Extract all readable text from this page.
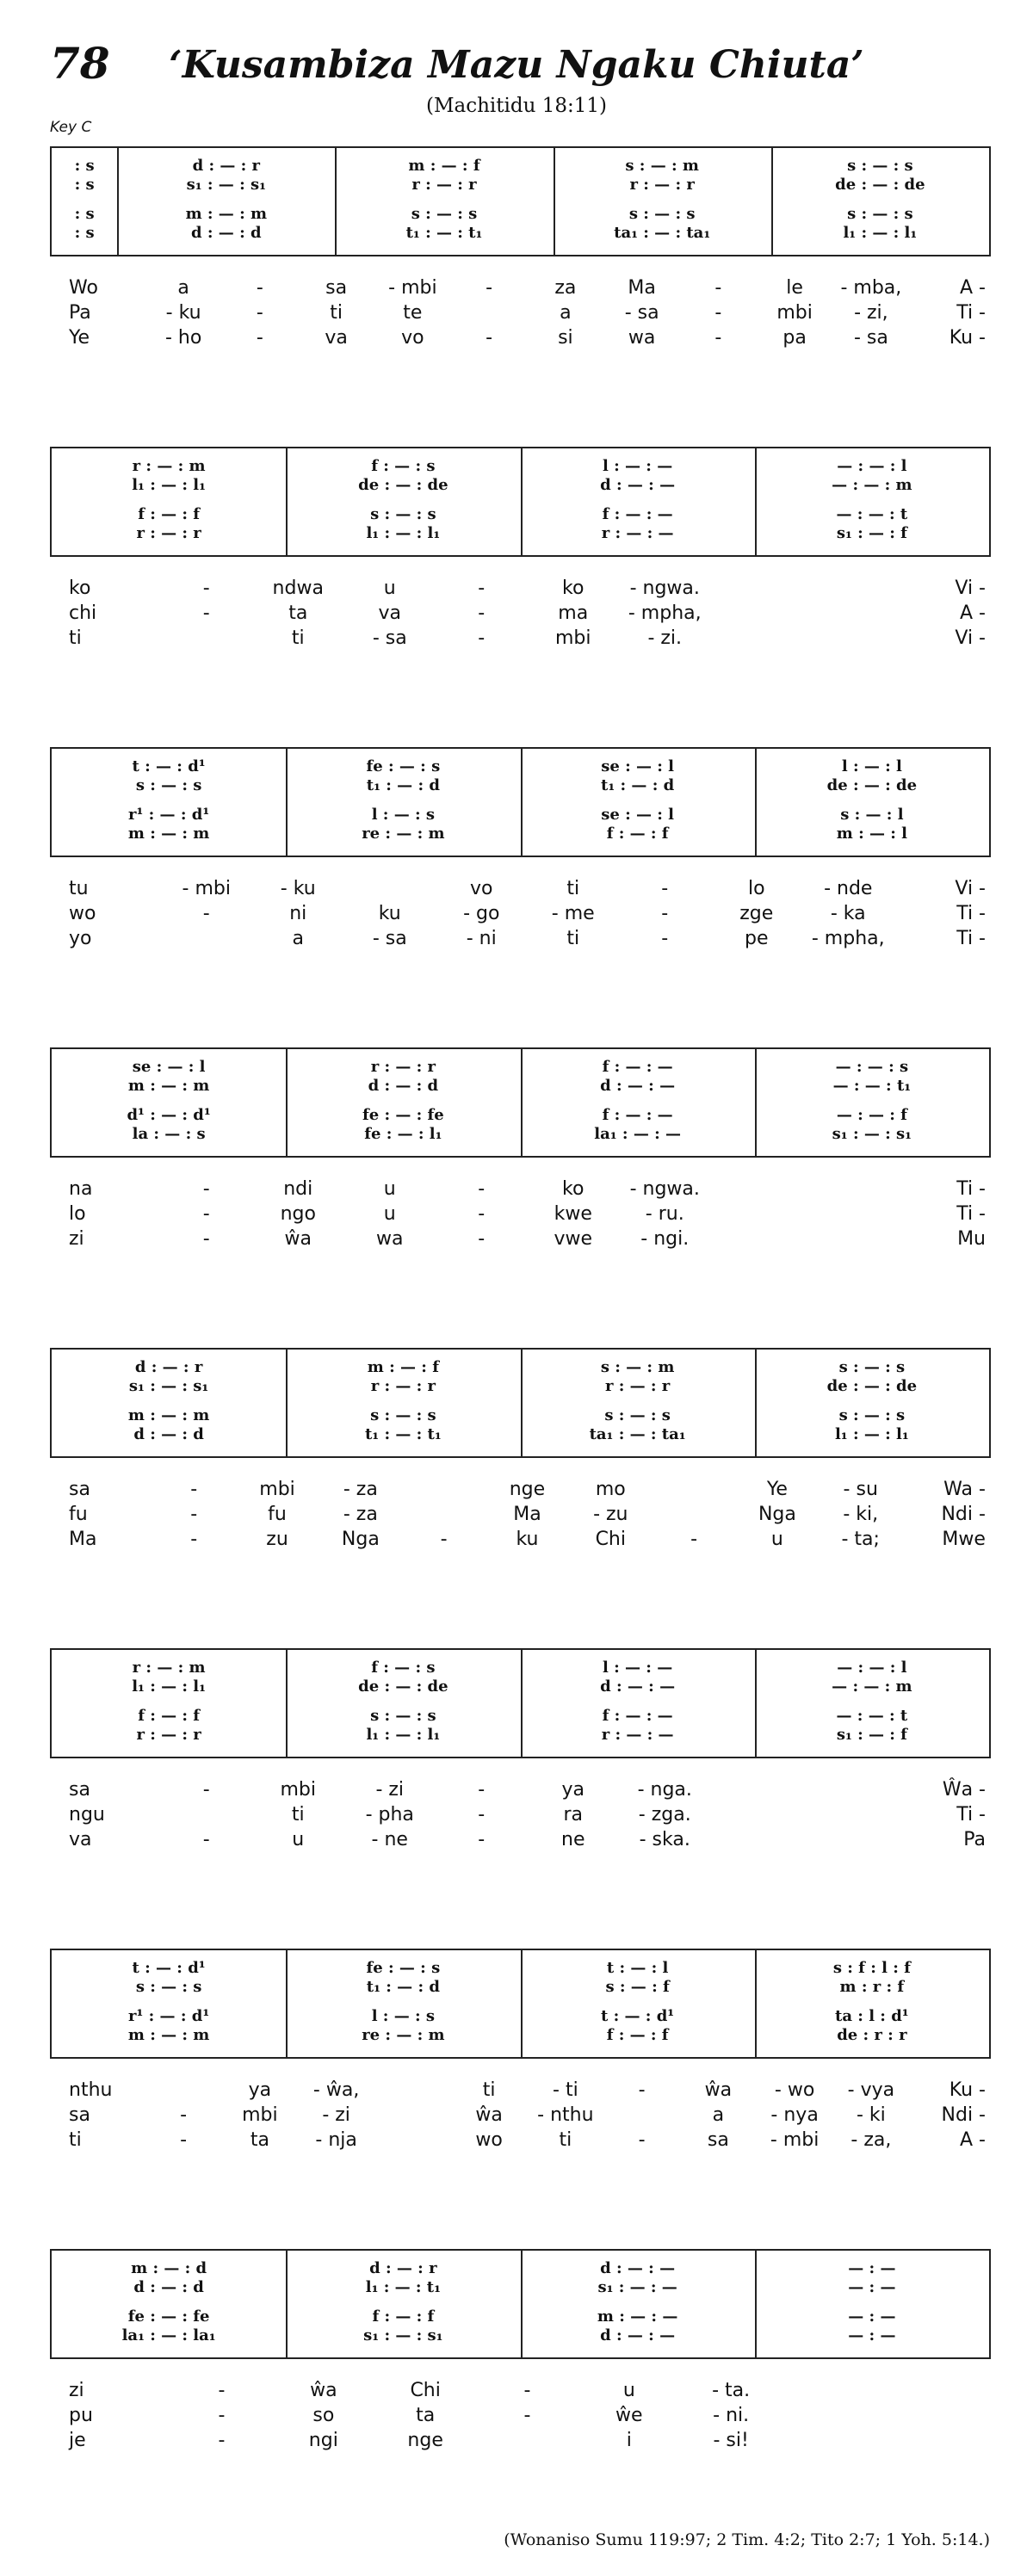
78	‘Kusambiza Mazu Ngaku Chiuta’
(Machitidu 18:11)
Key C
: s	d : — : r	m : — : f	s : — : m	s : — : s
: s	s₁ : — : s₁	r : — : r	r : — : r	de : — : de
: s	m : — : m	s : — : s	s : — : s	s : — : s
: s	d : — : d	t₁ : — : t₁	ta₁ : — : ta₁	l₁ : — : l₁
Wo	a	-	sa	- mbi	-	za	Ma	-	le	- mba,	A -
Pa	- ku	-	ti	te	a	- sa	-	mbi	- zi,	Ti -
Ye	- ho	-	va	vo	-	si	wa	-	pa	- sa	Ku -
r : — : m	f : — : s	l : — : —	— : — : l
l₁ : — : l₁	de : — : de	d : — : —	— : — : m
f : — : f	s : — : s	f : — : —	— : — : t
r : — : r	l₁ : — : l₁	r : — : —	s₁ : — : f
ko	-	ndwa	u	-	ko	- ngwa.	Vi -
chi	-	ta	va	-	ma	- mpha,	A -
ti	ti	- sa	-	mbi	- zi.	Vi -
t : — : d¹	fe : — : s	se : — : l	l : — : l
s : — : s	t₁ : — : d	t₁ : — : d	de : — : de
r¹ : — : d¹	l : — : s	se : — : l	s : — : l
m : — : m	re : — : m	f : — : f	m : — : l
tu	- mbi	- ku	vo	ti	-	lo	- nde	Vi -
wo	-	ni	ku	- go	- me	-	zge	- ka	Ti -
yo	a	- sa	- ni	ti	-	pe	- mpha,	Ti -
se : — : l	r : — : r	f : — : —	— : — : s
m : — : m	d : — : d	d : — : —	— : — : t₁
d¹ : — : d¹	fe : — : fe	f : — : —	— : — : f
la : — : s	fe : — : l₁	la₁ : — : —	s₁ : — : s₁
na	-	ndi	u	-	ko	- ngwa.	Ti -
lo	-	ngo	u	-	kwe	- ru.	Ti -
zi	-	ŵa	wa	-	vwe	- ngi.	Mu
d : — : r	m : — : f	s : — : m	s : — : s
s₁ : — : s₁	r : — : r	r : — : r	de : — : de
m : — : m	s : — : s	s : — : s	s : — : s
d : — : d	t₁ : — : t₁	ta₁ : — : ta₁	l₁ : — : l₁
sa	-	mbi	- za	nge	mo	Ye	- su	Wa -
fu	-	fu	- za	Ma	- zu	Nga	- ki,	Ndi -
Ma	-	zu	Nga	-	ku	Chi	-	u	- ta;	Mwe
r : — : m	f : — : s	l : — : —	— : — : l
l₁ : — : l₁	de : — : de	d : — : —	— : — : m
f : — : f	s : — : s	f : — : —	— : — : t
r : — : r	l₁ : — : l₁	r : — : —	s₁ : — : f
sa	-	mbi	- zi	-	ya	- nga.	Ŵa -
ngu	ti	- pha	-	ra	- zga.	Ti -
va	-	u	- ne	-	ne	- ska.	Pa
t : — : d¹	fe : — : s	t : — : l	s : f : l : f
s : — : s	t₁ : — : d	s : — : f	m : r : f
r¹ : — : d¹	l : — : s	t : — : d¹	ta : l : d¹
m : — : m	re : — : m	f : — : f	de : r : r
nthu	ya	- ŵa,	ti	- ti	-	ŵa	- wo	- vya	Ku -
sa	-	mbi	- zi	ŵa	- nthu	a	- nya	- ki	Ndi -
ti	-	ta	- nja	wo	ti	-	sa	- mbi	- za,	A -
m : — : d	d : — : r	d : — : —	— : —
d : — : d	l₁ : — : t₁	s₁ : — : —	— : —
fe : — : fe	f : — : f	m : — : —	— : —
la₁ : — : la₁	s₁ : — : s₁	d : — : —	— : —
zi	-	ŵa	Chi	-	u	- ta.
pu	-	so	ta	-	ŵe	- ni.
je	-	ngi	nge	i	- si!
(Wonaniso Sumu 119:97; 2 Tim. 4:2; Tito 2:7; 1 Yoh. 5:14.)
